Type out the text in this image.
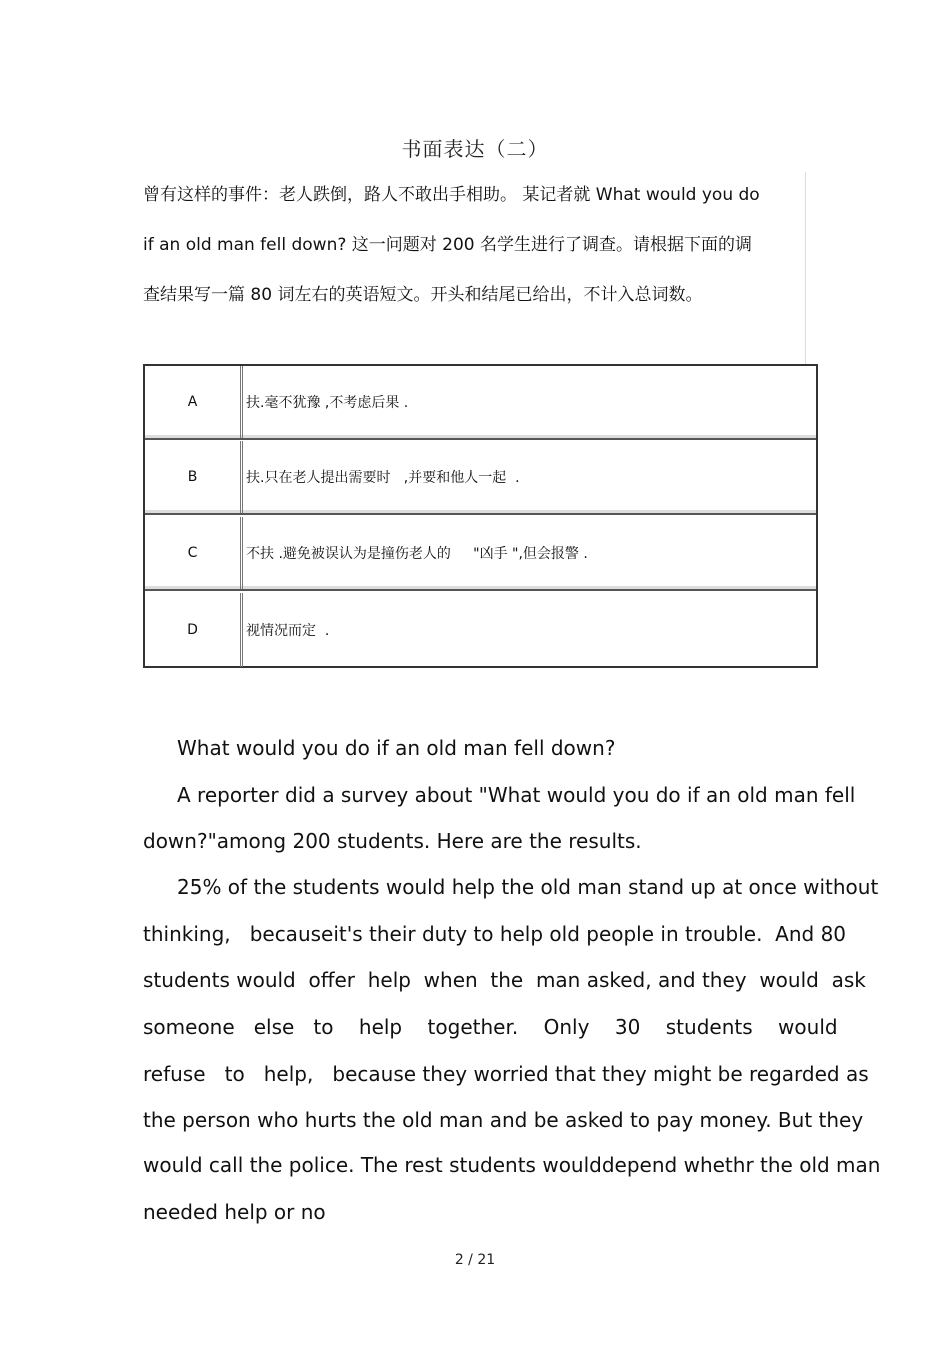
书面表达（二）
曾有这样的事件：老人跌倒，路人不敢出手相助。 某记者就 What would you do
if an old man fell down? 这一问题对 200 名学生进行了调查。请根据下面的调
查结果写一篇 80 词左右的英语短文。开头和结尾已给出，不计入总词数。
A	扶.毫不犹豫 ,不考虑后果 .
B	扶.只在老人提出需要时   ,并要和他人一起  .
C	不扶 .避免被误认为是撞伤老人的     "凶手 ",但会报警 .
D	视情况而定  .
What would you do if an old man fell down?
A reporter did a survey about "What would you do if an old man fell
down?"among 200 students. Here are the results.
25% of the students would help the old man stand up at once without
thinking,   becauseit's their duty to help old people in trouble.  And 80
students would  offer  help  when  the  man asked, and they  would  ask
someone   else   to    help    together.    Only    30    students    would
refuse   to   help,   because they worried that they might be regarded as
the person who hurts the old man and be asked to pay money. But they
would call the police. The rest students woulddepend whethr the old man
needed help or no
2 / 21
